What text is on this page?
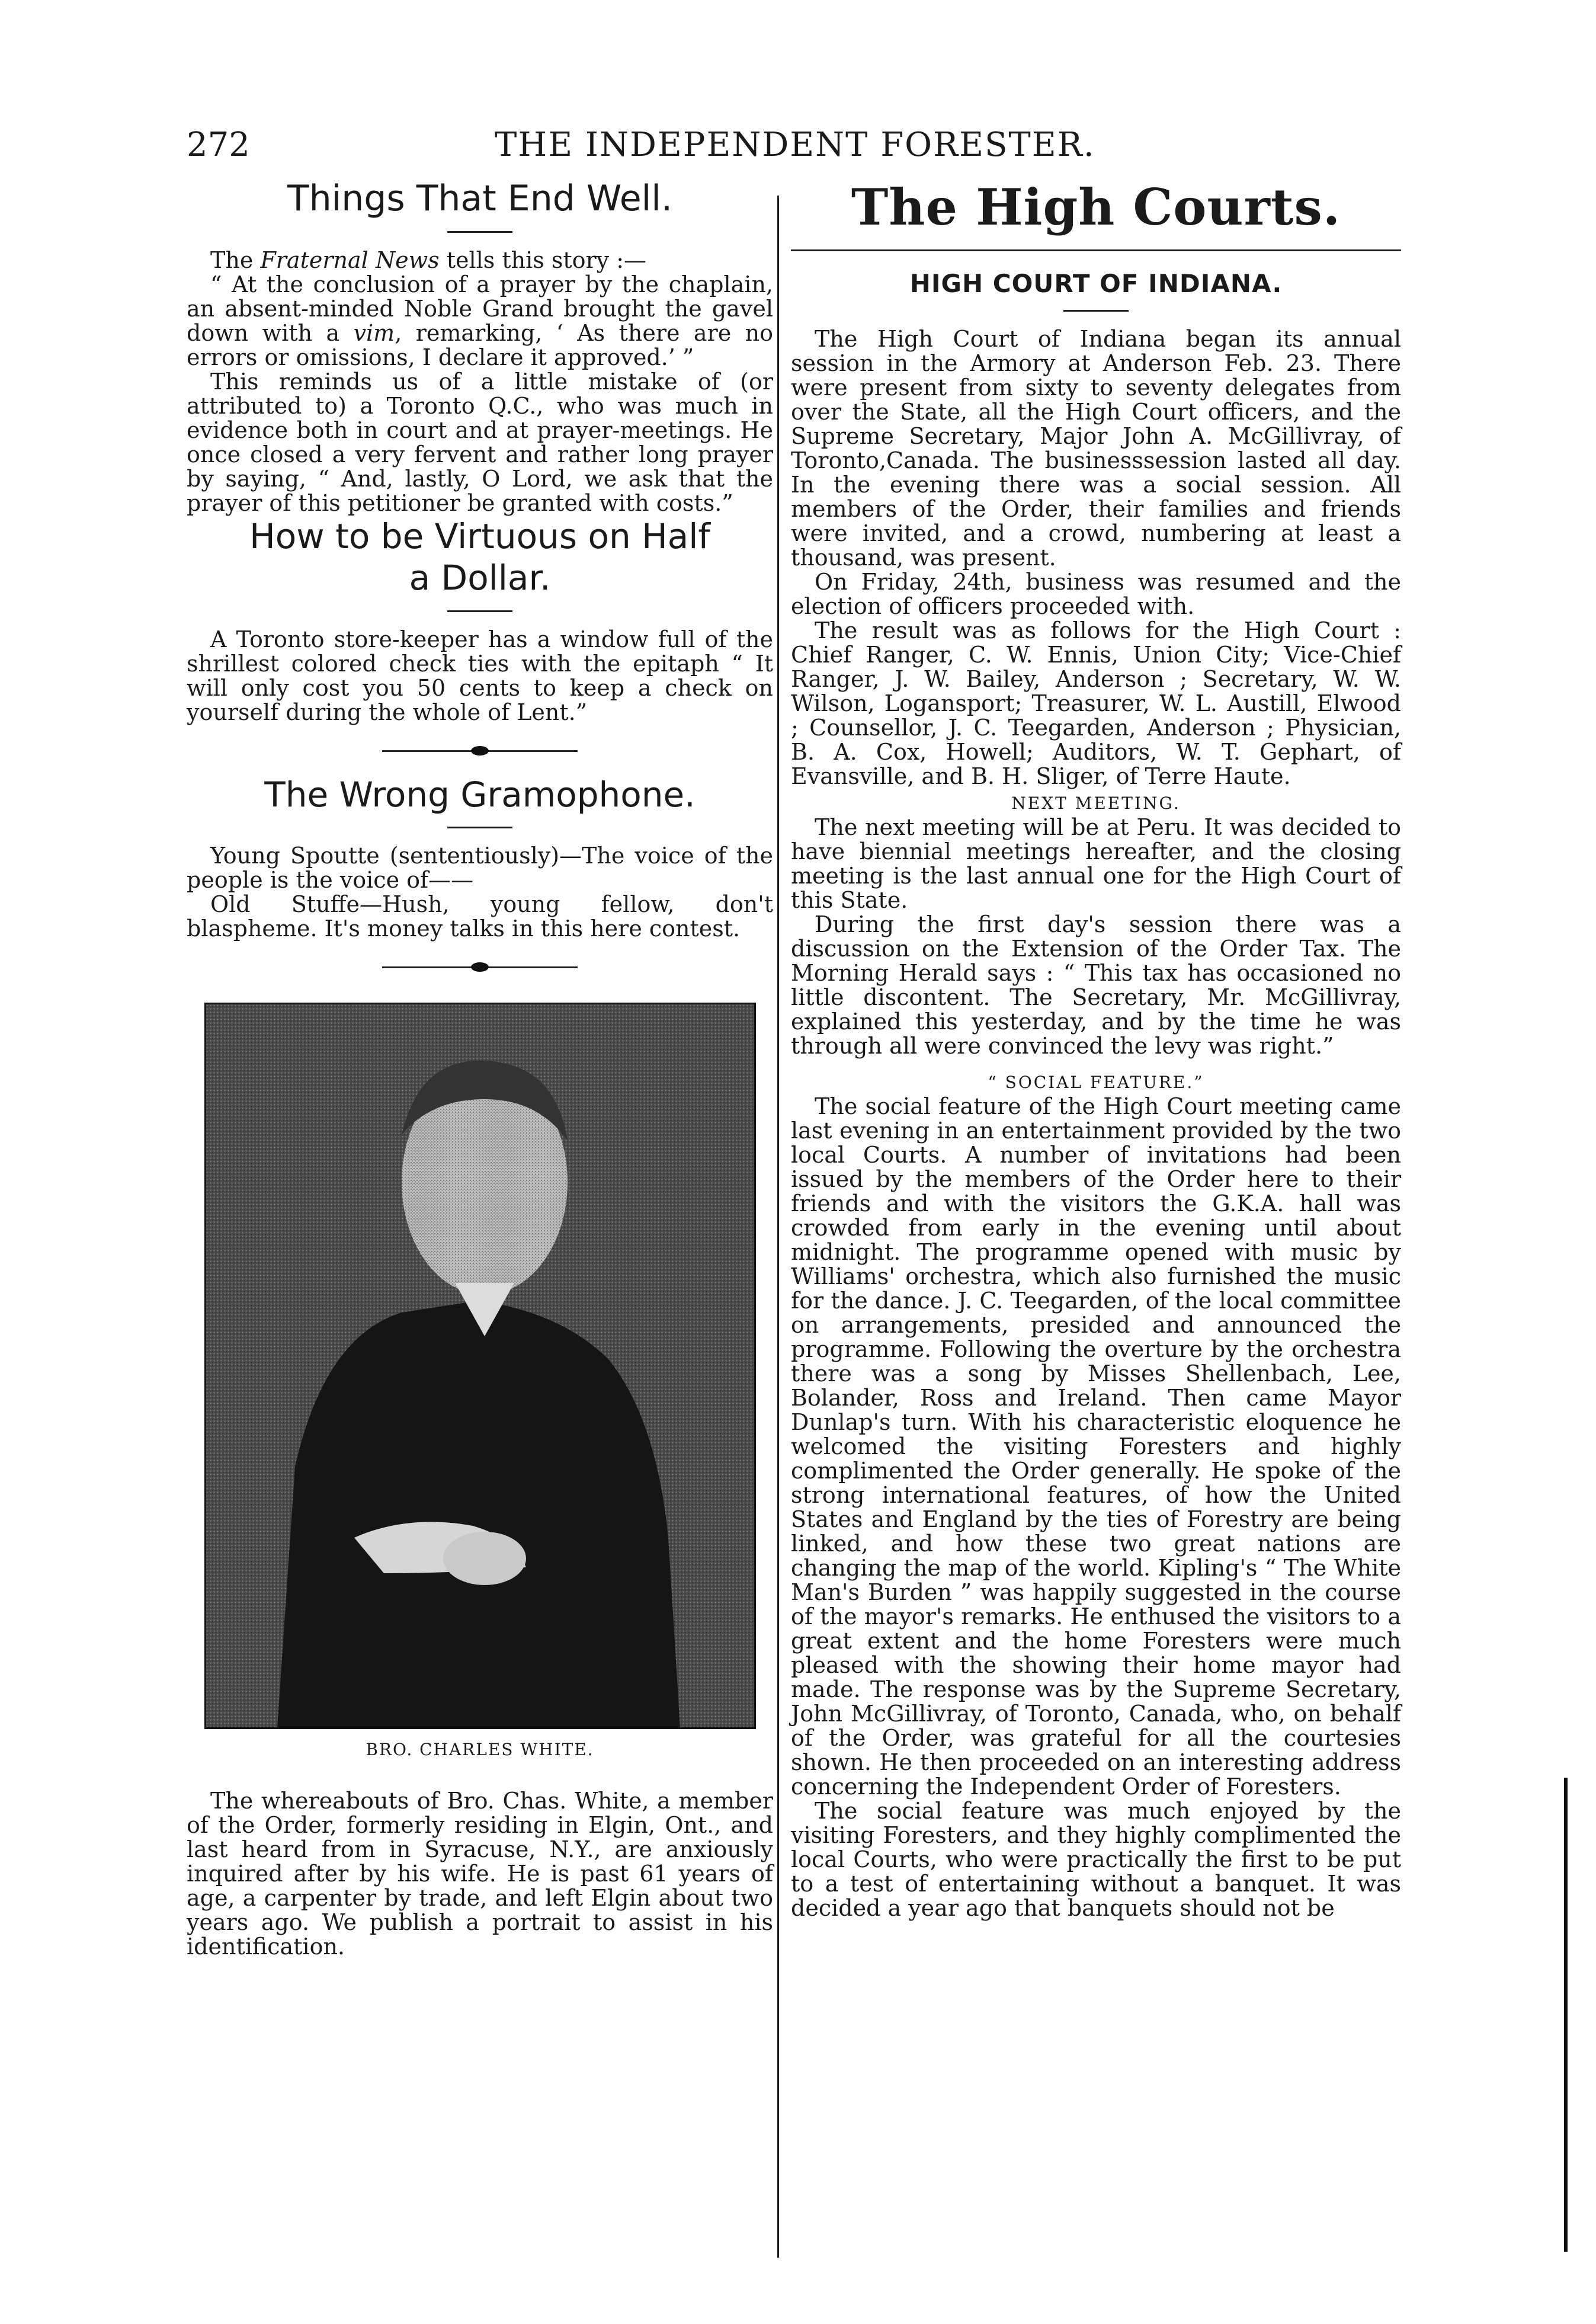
272	THE INDEPENDENT FORESTER.
Things That End Well.

The Fraternal News tells this story :—

“ At the conclusion of a prayer by the chaplain, an absent-minded Noble Grand brought the gavel down with a vim, remarking, ‘ As there are no errors or omissions, I declare it approved.’ ”

This reminds us of a little mistake of (or attributed to) a Toronto Q.C., who was much in evidence both in court and at prayer-meetings. He once closed a very fervent and rather long prayer by saying, “ And, lastly, O Lord, we ask that the prayer of this petitioner be granted with costs.”

How to be Virtuous on Half
a Dollar.

A Toronto store-keeper has a window full of the shrillest colored check ties with the epitaph “ It will only cost you 50 cents to keep a check on yourself during the whole of Lent.”

The Wrong Gramophone.

Young Spoutte (sententiously)—The voice of the people is the voice of——

Old Stuffe—Hush, young fellow, don't blaspheme. It's money talks in this here contest.

BRO. CHARLES WHITE.

The whereabouts of Bro. Chas. White, a member of the Order, formerly residing in Elgin, Ont., and last heard from in Syracuse, N.Y., are anxiously inquired after by his wife. He is past 61 years of age, a carpenter by trade, and left Elgin about two years ago. We publish a portrait to assist in his identification.

The High Courts.
HIGH COURT OF INDIANA.

The High Court of Indiana began its annual session in the Armory at Anderson Feb. 23. There were present from sixty to seventy delegates from over the State, all the High Court officers, and the Supreme Secretary, Major John A. McGillivray, of Toronto,Canada. The businesssession lasted all day. In the evening there was a social session. All members of the Order, their families and friends were invited, and a crowd, numbering at least a thousand, was present.

On Friday, 24th, business was resumed and the election of officers proceeded with.

The result was as follows for the High Court : Chief Ranger, C. W. Ennis, Union City; Vice-Chief Ranger, J. W. Bailey, Anderson ; Secretary, W. W. Wilson, Logansport; Treasurer, W. L. Austill, Elwood ; Counsellor, J. C. Teegarden, Anderson ; Physician, B. A. Cox, Howell; Auditors, W. T. Gephart, of Evansville, and B. H. Sliger, of Terre Haute.

NEXT MEETING.

The next meeting will be at Peru. It was decided to have biennial meetings hereafter, and the closing meeting is the last annual one for the High Court of this State.

During the first day's session there was a discussion on the Extension of the Order Tax. The Morning Herald says : “ This tax has occasioned no little discontent. The Secretary, Mr. McGillivray, explained this yesterday, and by the time he was through all were convinced the levy was right.”

“ SOCIAL FEATURE.”

The social feature of the High Court meeting came last evening in an entertainment provided by the two local Courts. A number of invitations had been issued by the members of the Order here to their friends and with the visitors the G.K.A. hall was crowded from early in the evening until about midnight. The programme opened with music by Williams' orchestra, which also furnished the music for the dance. J. C. Teegarden, of the local committee on arrangements, presided and announced the programme. Following the overture by the orchestra there was a song by Misses Shellenbach, Lee, Bolander, Ross and Ireland. Then came Mayor Dunlap's turn. With his characteristic eloquence he welcomed the visiting Foresters and highly complimented the Order generally. He spoke of the strong international features, of how the United States and England by the ties of Forestry are being linked, and how these two great nations are changing the map of the world. Kipling's “ The White Man's Burden ” was happily suggested in the course of the mayor's remarks. He enthused the visitors to a great extent and the home Foresters were much pleased with the showing their home mayor had made. The response was by the Supreme Secretary, John McGillivray, of Toronto, Canada, who, on behalf of the Order, was grateful for all the courtesies shown. He then proceeded on an interesting address concerning the Independent Order of Foresters.

The social feature was much enjoyed by the visiting Foresters, and they highly complimented the local Courts, who were practically the first to be put to a test of entertaining without a banquet. It was decided a year ago that banquets should not be
